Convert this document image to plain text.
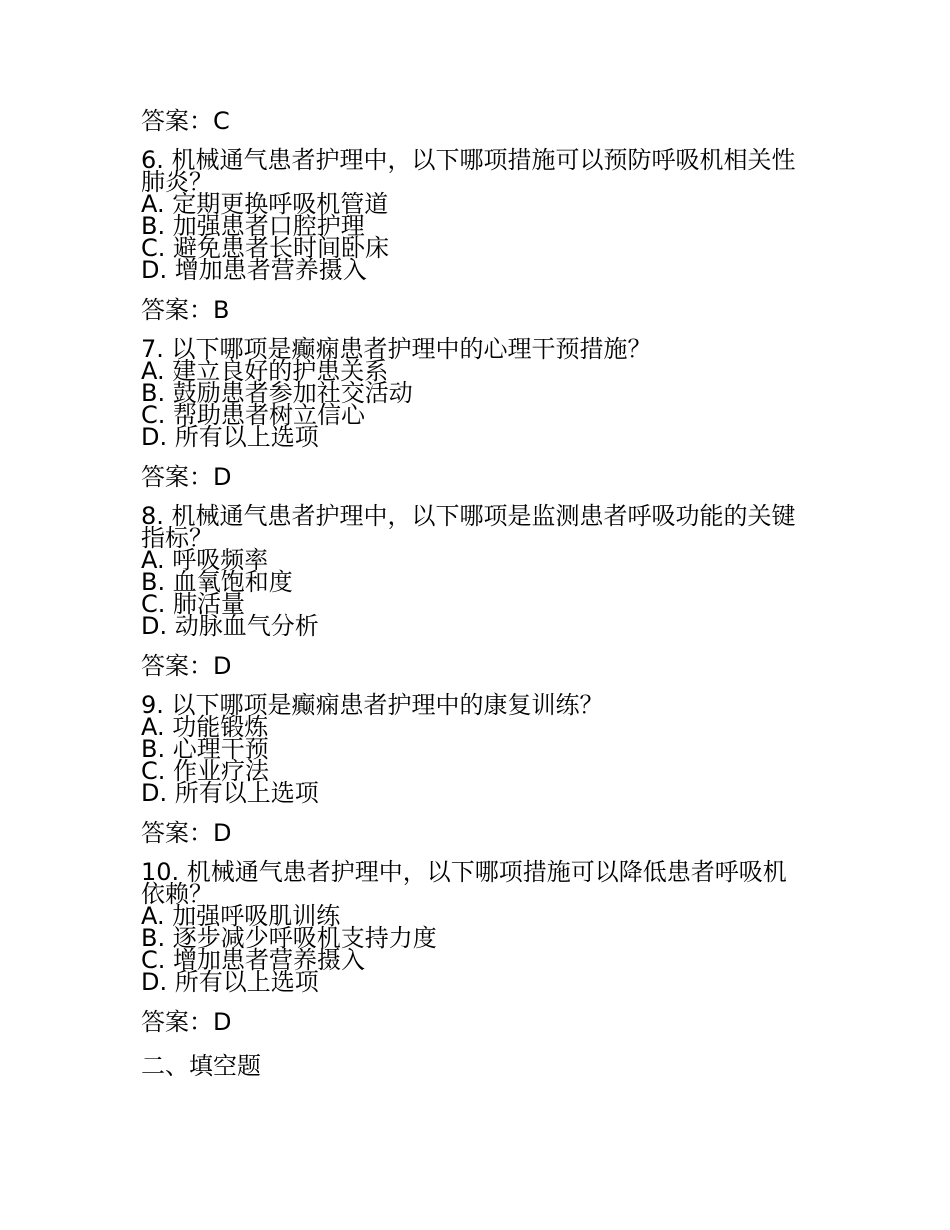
答案：C

6. 机械通气患者护理中，以下哪项措施可以预防呼吸机相关性肺炎？

A. 定期更换呼吸机管道

B. 加强患者口腔护理

C. 避免患者长时间卧床

D. 增加患者营养摄入

答案：B

7. 以下哪项是癫痫患者护理中的心理干预措施？

A. 建立良好的护患关系

B. 鼓励患者参加社交活动

C. 帮助患者树立信心

D. 所有以上选项

答案：D

8. 机械通气患者护理中，以下哪项是监测患者呼吸功能的关键指标？

A. 呼吸频率

B. 血氧饱和度

C. 肺活量

D. 动脉血气分析

答案：D

9. 以下哪项是癫痫患者护理中的康复训练？

A. 功能锻炼

B. 心理干预

C. 作业疗法

D. 所有以上选项

答案：D

10. 机械通气患者护理中，以下哪项措施可以降低患者呼吸机依赖？

A. 加强呼吸肌训练

B. 逐步减少呼吸机支持力度

C. 增加患者营养摄入

D. 所有以上选项

答案：D

二、填空题
